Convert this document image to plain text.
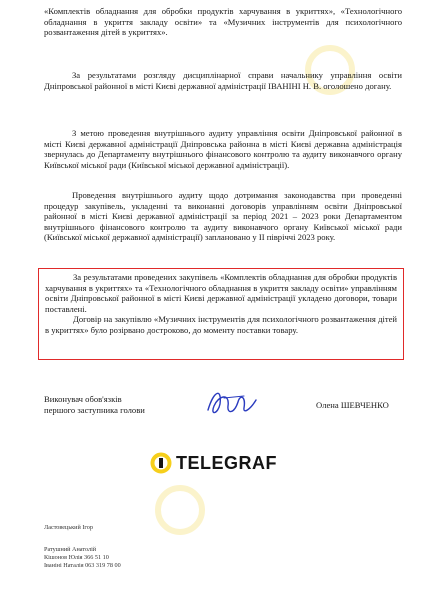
«Комплектів обладнання для обробки продуктів харчування в укриттях», «Технологічного обладнання в укриття закладу освіти» та «Музичних інструментів для психологічного розвантаження дітей в укриттях».

За результатами розгляду дисциплінарної справи начальнику управління освіти Дніпровської районної в місті Києві державної адміністрації ІВАНІНІ Н. В. оголошено догану.

З метою проведення внутрішнього аудиту управління освіти Дніпровської районної в місті Києві державної адміністрації Дніпровська районна в місті Києві державна адміністрація звернулась до Департаменту внутрішнього фінансового контролю та аудиту виконавчого органу Київської міської ради (Київської міської державної адміністрації).

Проведення внутрішнього аудиту щодо дотримання законодавства при проведенні процедур закупівель, укладенні та виконанні договорів управлінням освіти Дніпровської районної в місті Києві державної адміністрації за період 2021 – 2023 роки Департаментом внутрішнього фінансового контролю та аудиту виконавчого органу Київської міської ради (Київської міської державної адміністрації) заплановано у ІІ півріччі 2023 року.

За результатами проведених закупівель «Комплектів обладнання для обробки продуктів харчування в укриттях» та «Технологічного обладнання в укриття закладу освіти» управлінням освіти Дніпровської районної в місті Києві державної адміністрації укладено договори, товари поставлені.

Договір на закупівлю «Музичних інструментів для психологічного розвантаження дітей в укриттях» було розірвано достроково, до моменту поставки товару.

Виконувач обов'язків
першого заступника голови	Олена ШЕВЧЕНКО
TELEGRAF
Ластовецький Ігор
Ратушний Анатолій
Кішонов Юлія 366 51 10
Іваніні Наталія 063 319 78 00
